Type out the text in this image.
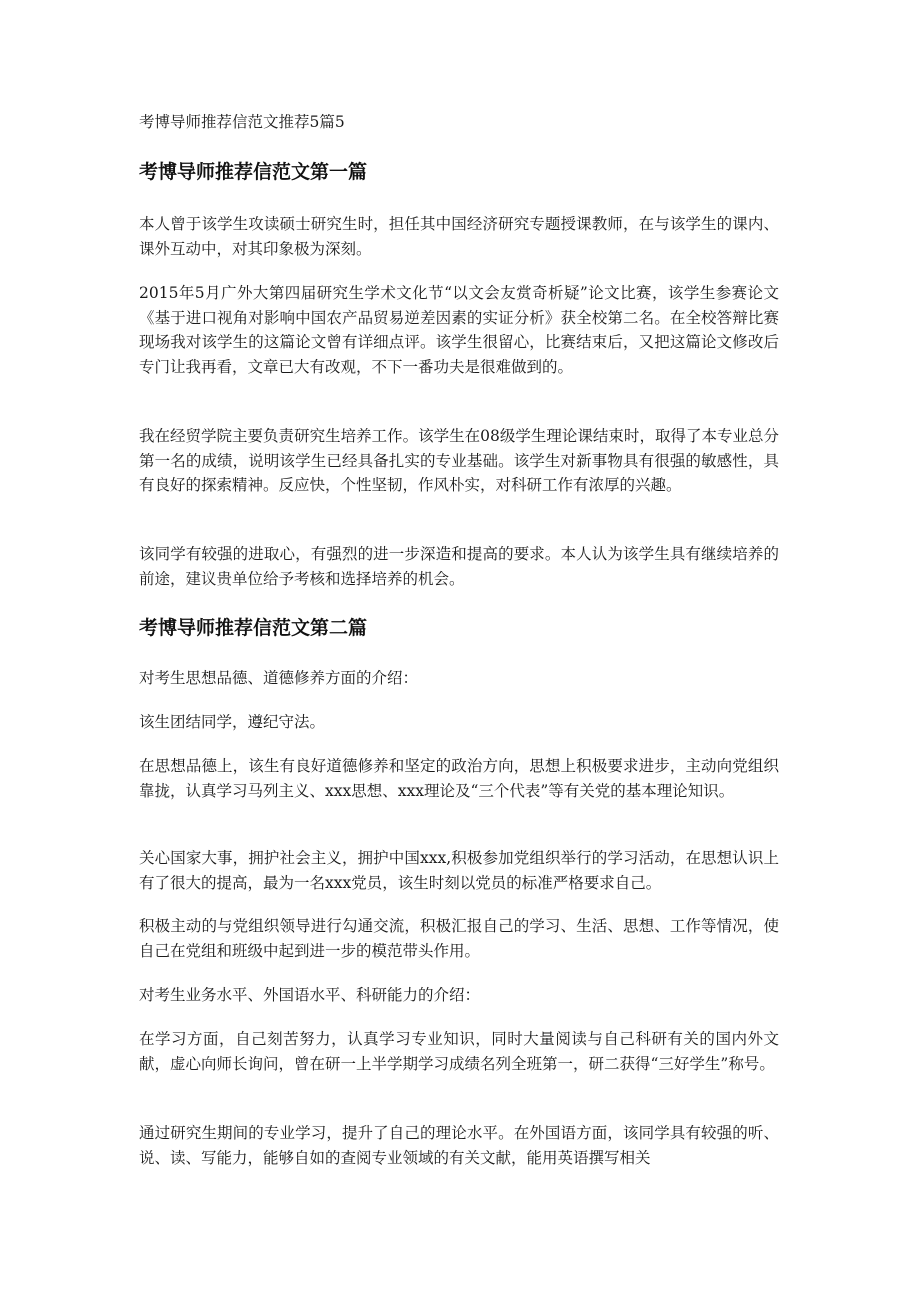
考博导师推荐信范文推荐5篇5

考博导师推荐信范文第一篇

本人曾于该学生攻读硕士研究生时，担任其中国经济研究专题授课教师，在与该学生的课内、课外互动中，对其印象极为深刻。

2015年5月广外大第四届研究生学术文化节“以文会友赏奇析疑”论文比赛，该学生参赛论文《基于进口视角对影响中国农产品贸易逆差因素的实证分析》获全校第二名。在全校答辩比赛现场我对该学生的这篇论文曾有详细点评。该学生很留心，比赛结束后，又把这篇论文修改后专门让我再看，文章已大有改观，不下一番功夫是很难做到的。

我在经贸学院主要负责研究生培养工作。该学生在08级学生理论课结束时，取得了本专业总分第一名的成绩，说明该学生已经具备扎实的专业基础。该学生对新事物具有很强的敏感性，具有良好的探索精神。反应快，个性坚韧，作风朴实，对科研工作有浓厚的兴趣。

该同学有较强的进取心，有强烈的进一步深造和提高的要求。本人认为该学生具有继续培养的前途，建议贵单位给予考核和选择培养的机会。

考博导师推荐信范文第二篇

对考生思想品德、道德修养方面的介绍：

该生团结同学，遵纪守法。

在思想品德上，该生有良好道德修养和坚定的政治方向，思想上积极要求进步，主动向党组织靠拢，认真学习马列主义、xxx思想、xxx理论及“三个代表”等有关党的基本理论知识。

关心国家大事，拥护社会主义，拥护中国xxx,积极参加党组织举行的学习活动，在思想认识上有了很大的提高，最为一名xxx党员，该生时刻以党员的标准严格要求自己。

积极主动的与党组织领导进行勾通交流，积极汇报自己的学习、生活、思想、工作等情况，使自己在党组和班级中起到进一步的模范带头作用。

对考生业务水平、外国语水平、科研能力的介绍：

在学习方面，自己刻苦努力，认真学习专业知识，同时大量阅读与自己科研有关的国内外文献，虚心向师长询问，曾在研一上半学期学习成绩名列全班第一，研二获得“三好学生”称号。

通过研究生期间的专业学习，提升了自己的理论水平。在外国语方面，该同学具有较强的听、说、读、写能力，能够自如的查阅专业领域的有关文献，能用英语撰写相关
